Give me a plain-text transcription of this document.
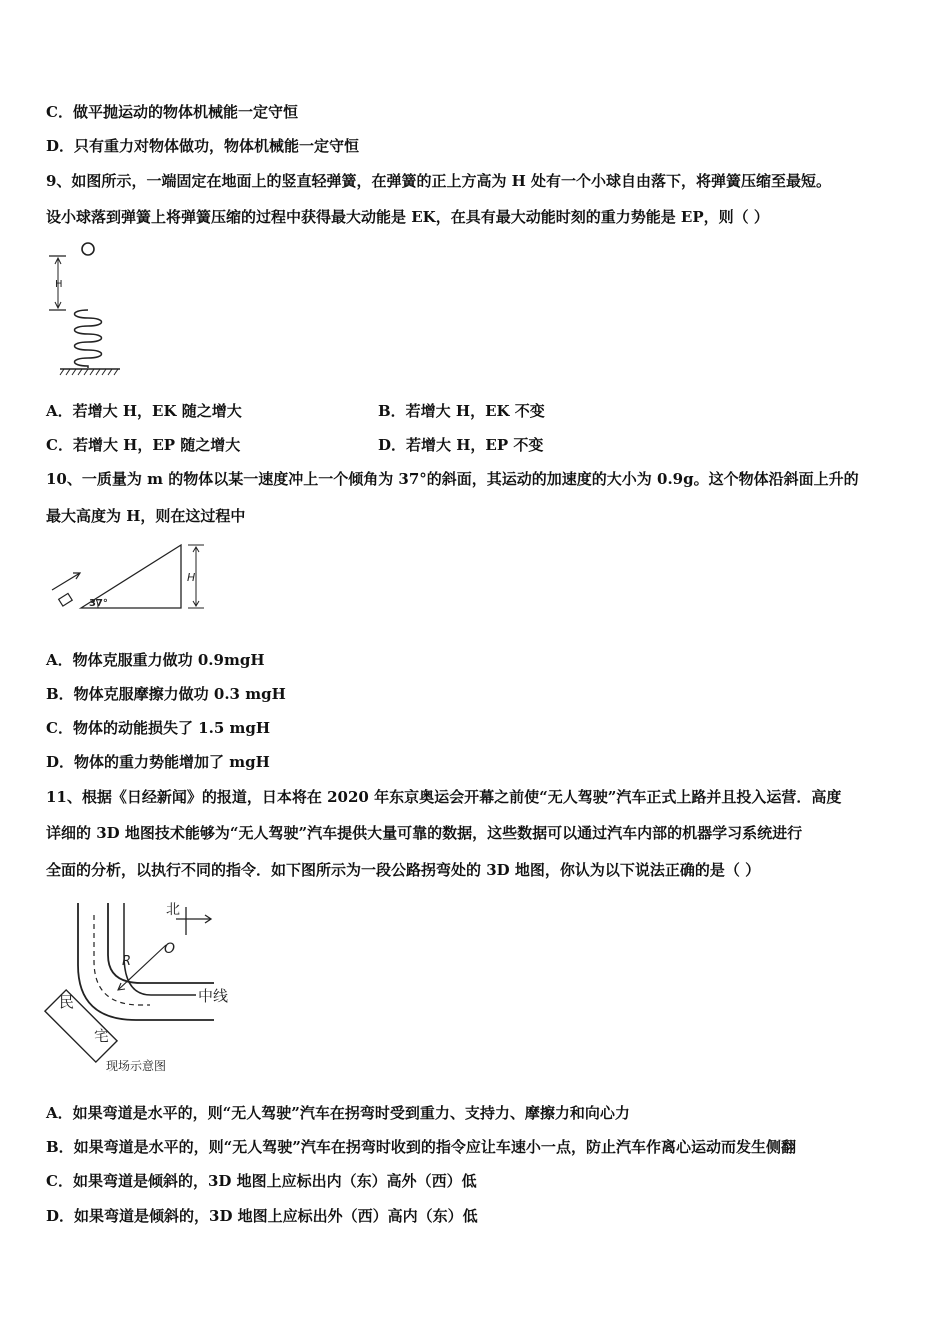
C．做平抛运动的物体机械能一定守恒
D．只有重力对物体做功，物体机械能一定守恒
9、如图所示，一端固定在地面上的竖直轻弹簧，在弹簧的正上方高为 H 处有一个小球自由落下，将弹簧压缩至最短。
设小球落到弹簧上将弹簧压缩的过程中获得最大动能是 EK，在具有最大动能时刻的重力势能是 EP，则（ ）
H
A．若增大 H，EK 随之增大	B．若增大 H，EK 不变
C．若增大 H，EP 随之增大	D．若增大 H，EP 不变
10、一质量为 m 的物体以某一速度冲上一个倾角为 37°的斜面，其运动的加速度的大小为 0.9g。这个物体沿斜面上升的
最大高度为 H，则在这过程中
H
37°
A．物体克服重力做功 0.9mgH
B．物体克服摩擦力做功 0.3 mgH
C．物体的动能损失了 1.5 mgH
D．物体的重力势能增加了 mgH
11、根据《日经新闻》的报道，日本将在 2020 年东京奥运会开幕之前使“无人驾驶”汽车正式上路并且投入运营．高度
详细的 3D 地图技术能够为“无人驾驶”汽车提供大量可靠的数据，这些数据可以通过汽车内部的机器学习系统进行
全面的分析，以执行不同的指令．如下图所示为一段公路拐弯处的 3D 地图，你认为以下说法正确的是（ ）
O
R
北
中线
民
宅
现场示意图
A．如果弯道是水平的，则“无人驾驶”汽车在拐弯时受到重力、支持力、摩擦力和向心力
B．如果弯道是水平的，则“无人驾驶”汽车在拐弯时收到的指令应让车速小一点，防止汽车作离心运动而发生侧翻
C．如果弯道是倾斜的，3D 地图上应标出内（东）高外（西）低
D．如果弯道是倾斜的，3D 地图上应标出外（西）高内（东）低
